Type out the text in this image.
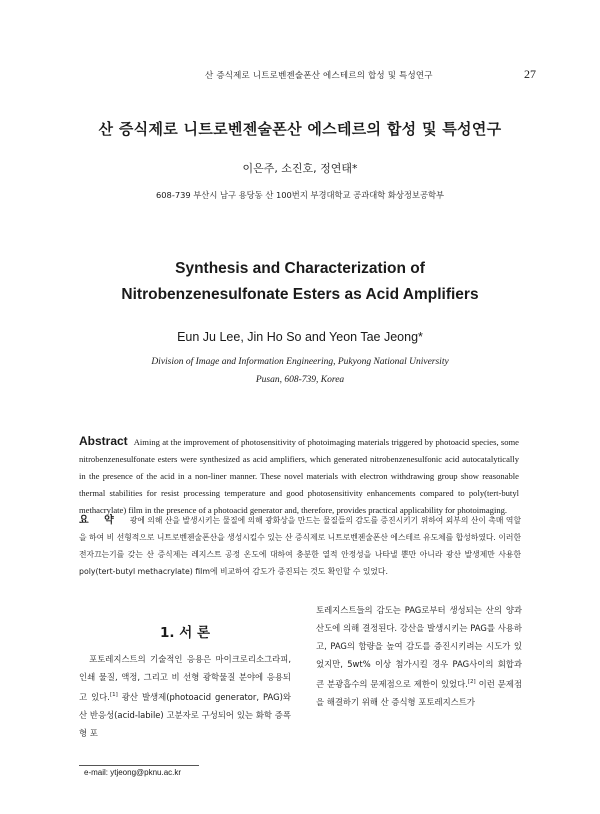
산 증식제로 니트로벤젠술폰산 에스테르의 합성 및 특성연구	27
산 증식제로 니트로벤젠술폰산 에스테르의 합성 및 특성연구
이은주, 소진호, 정연태*
608-739 부산시 남구 용당동 산 100번지 부경대학교 공과대학 화상정보공학부
Synthesis and Characterization of
Nitrobenzenesulfonate Esters as Acid Amplifiers
Eun Ju Lee, Jin Ho So and Yeon Tae Jeong*
Division of Image and Information Engineering, Pukyong National University
Pusan, 608-739, Korea
Abstract Aiming at the improvement of photosensitivity of photoimaging materials triggered by photoacid species, some nitrobenzenesulfonate esters were synthesized as acid amplifiers, which generated nitrobenzenesulfonic acid autocatalytically in the presence of the acid in a non-liner manner. These novel materials with electron withdrawing group show reasonable thermal stabilities for resist processing temperature and good photosensitivity enhancements compared to poly(tert-butyl methacrylate) film in the presence of a photoacid generator and, therefore, provides practical applicability for photoimaging.
요 약 광에 의해 산을 발생시키는 물질에 의해 광화상을 만드는 물질들의 감도를 증진시키기 위하여 외부의 산이 촉매 역할을 하여 비 선형적으로 니트로벤젠술폰산을 생성시킬수 있는 산 증식제로 니트로벤젠술폰산 에스테르 유도체를 합성하였다. 이러한 전자끄는기를 갖는 산 증식제는 레지스트 공정 온도에 대하여 충분한 열적 안정성을 나타낼 뿐만 아니라 광산 발생제만 사용한 poly(tert-butyl methacrylate) film에 비교하여 감도가 증진되는 것도 확인할 수 있었다.
1. 서 론
포토레지스트의 기술적인 응용은 마이크로리소그라피, 인쇄 물질, 액정, 그리고 비 선형 광학물질 분야에 응용되고 있다.[1] 광산 발생제(photoacid generator, PAG)와 산 반응성(acid-labile) 고분자로 구성되어 있는 화학 증폭형 포
토레지스트들의 감도는 PAG로부터 생성되는 산의 양과 산도에 의해 결정된다. 강산을 발생시키는 PAG를 사용하고, PAG의 함량을 높여 감도를 증진시키려는 시도가 있었지만, 5wt% 이상 첨가시킬 경우 PAG사이의 회합과 큰 분광흡수의 문제점으로 제한이 있었다.[2] 이런 문제점을 해결하기 위해 산 증식형 포토레지스트가
e-mail: ytjeong@pknu.ac.kr
